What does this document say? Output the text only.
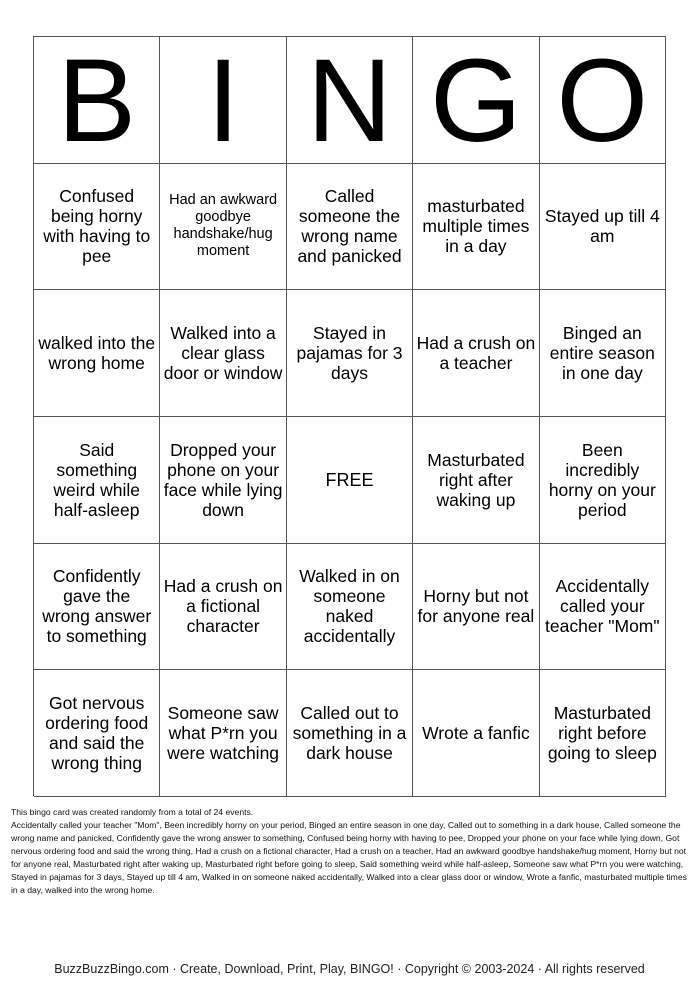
B I N G O
Confused being horny with having to pee
Had an awkward goodbye handshake/hug moment
Called someone the wrong name and panicked
masturbated multiple times in a day
Stayed up till 4 am
walked into the wrong home
Walked into a clear glass door or window
Stayed in pajamas for 3 days
Had a crush on a teacher
Binged an entire season in one day
Said something weird while half-asleep
Dropped your phone on your face while lying down
FREE
Masturbated right after waking up
Been incredibly horny on your period
Confidently gave the wrong answer to something
Had a crush on a fictional character
Walked in on someone naked accidentally
Horny but not for anyone real
Accidentally called your teacher "Mom"
Got nervous ordering food and said the wrong thing
Someone saw what P*rn you were watching
Called out to something in a dark house
Wrote a fanfic
Masturbated right before going to sleep

This bingo card was created randomly from a total of 24 events.

Accidentally called your teacher "Mom", Been incredibly horny on your period, Binged an entire season in one day, Called out to something in a dark house, Called someone the wrong name and panicked, Confidently gave the wrong answer to something, Confused being horny with having to pee, Dropped your phone on your face while lying down, Got nervous ordering food and said the wrong thing, Had a crush on a fictional character, Had a crush on a teacher, Had an awkward goodbye handshake/hug moment, Horny but not for anyone real, Masturbated right after waking up, Masturbated right before going to sleep, Said something weird while half-asleep, Someone saw what P*rn you were watching, Stayed in pajamas for 3 days, Stayed up till 4 am, Walked in on someone naked accidentally, Walked into a clear glass door or window, Wrote a fanfic, masturbated multiple times in a day, walked into the wrong home.

BuzzBuzzBingo.com · Create, Download, Print, Play, BINGO! · Copyright © 2003-2024 · All rights reserved
